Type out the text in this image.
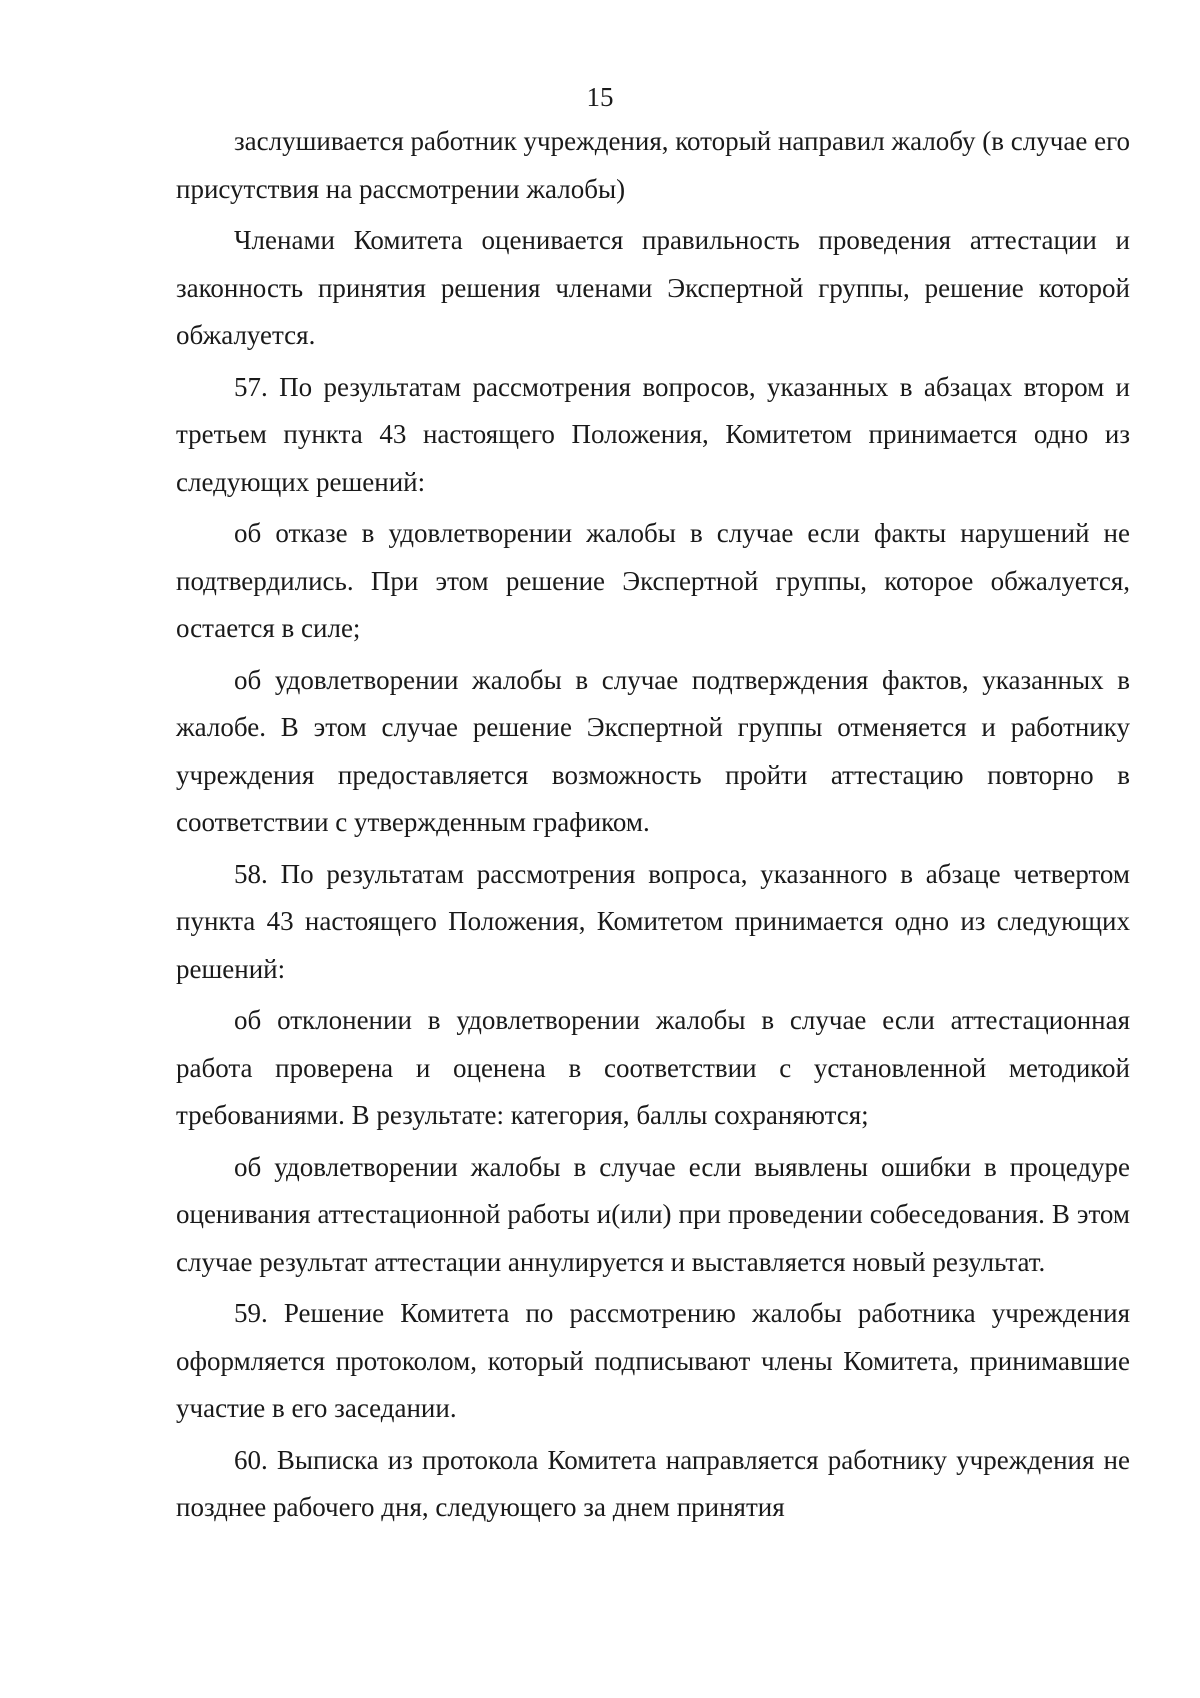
15

заслушивается работник учреждения, который направил жалобу (в случае его присутствия на рассмотрении жалобы)

Членами Комитета оценивается правильность проведения аттестации и законность принятия решения членами Экспертной группы, решение которой обжалуется.

57. По результатам рассмотрения вопросов, указанных в абзацах втором и третьем пункта 43 настоящего Положения, Комитетом принимается одно из следующих решений:

об отказе в удовлетворении жалобы в случае если факты нарушений не подтвердились. При этом решение Экспертной группы, которое обжалуется, остается в силе;

об удовлетворении жалобы в случае подтверждения фактов, указанных в жалобе. В этом случае решение Экспертной группы отменяется и работнику учреждения предоставляется возможность пройти аттестацию повторно в соответствии с утвержденным графиком.

58. По результатам рассмотрения вопроса, указанного в абзаце четвертом пункта 43 настоящего Положения, Комитетом принимается одно из следующих решений:

об отклонении в удовлетворении жалобы в случае если аттестационная работа проверена и оценена в соответствии с установленной методикой требованиями. В результате: категория, баллы сохраняются;

об удовлетворении жалобы в случае если выявлены ошибки в процедуре оценивания аттестационной работы и(или) при проведении собеседования. В этом случае результат аттестации аннулируется и выставляется новый результат.

59. Решение Комитета по рассмотрению жалобы работника учреждения оформляется протоколом, который подписывают члены Комитета, принимавшие участие в его заседании.

60. Выписка из протокола Комитета направляется работнику учреждения не позднее рабочего дня, следующего за днем принятия
